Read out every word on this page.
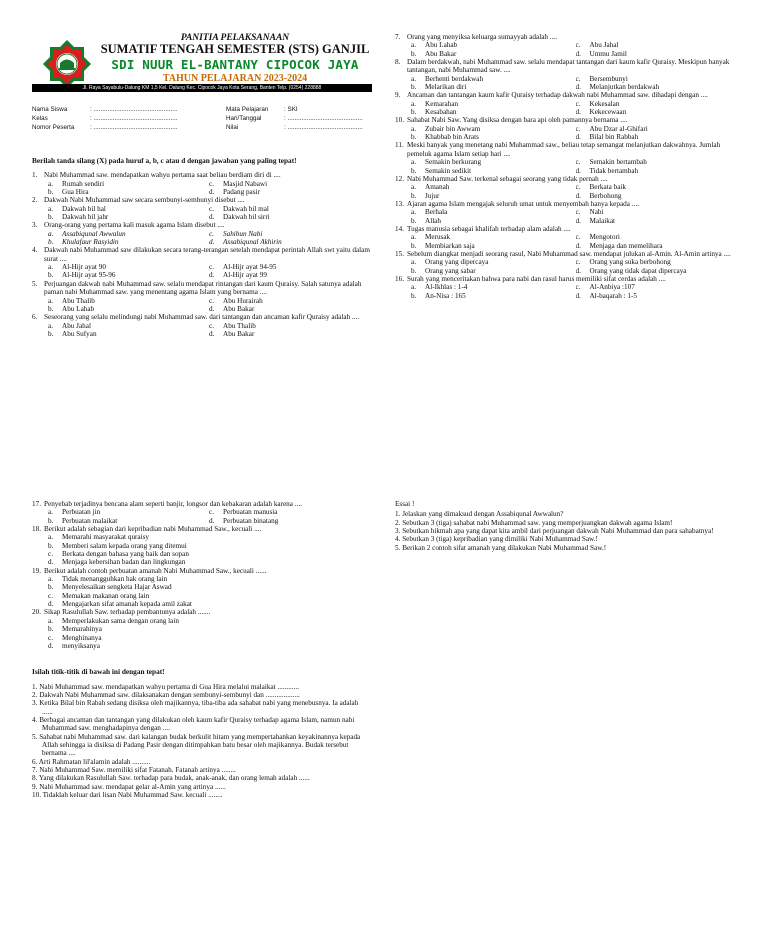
PANITIA PELAKSANAAN
SUMATIF TENGAH SEMESTER (STS) GANJIL
SDI NUUR EL-BANTANY CIPOCOK JAYA
TAHUN PELAJARAN 2023-2024
Jl. Raya Sayabulu-Dalung KM 1,5 Kel. Dalung Kec. Cipocok Jaya Kota Serang, Banten Telp. (0254) 228888
Nama Siswa	: ................................................
Kelas	: ................................................
Nomor Peserta : ................................................
Mata Pelajaran : SKI
Hari/Tanggal	: ...........................................
Nilai	: ...........................................
Berilah tanda silang (X) pada huruf a, b, c atau d dengan jawaban yang paling tepat!
1. Nabi Muhammad saw. mendapatkan wahyu pertama saat beliau berdiam diri di ....
a. Rumah sendiri	c. Masjid Nabawi
b. Gua Hira	d. Padang pasir
2. Dakwah Nabi Muhammad saw secara sembunyi-sembunyi disebut ....
a. Dakwah bil hal	c. Dakwah bil mal
b. Dakwah bil jahr	d. Dakwah bil sirri
3. Orang-orang yang pertama kali masuk agama Islam disebut ....
a. Assabiqunal Awwalun	c. Sahibun Nabi
b. Khulafaur Rasyidin	d. Assabiqunal Akhirin
4. Dakwah nabi Muhammad saw dilakukan secara terang-terangan setelah mendapat perintah Allah swt yaitu dalam surat ....
a. Al-Hijr ayat 90	c. Al-Hijr ayat 94-95
b. Al-Hijr ayat 95-96	d. Al-Hijr ayat 99
5. Perjuangan dakwah nabi Muhammad saw. selalu mendapat rintangan dari kaum Quraisy. Salah satunya adalah paman nabi Muhammad saw. yang menentang agama Islam yang bernama ....
a. Abu Thalib	c. Abu Hurairah
b. Abu Lahab	d. Abu Bakar
6. Seseorang yang selalu melindungi nabi Muhammad saw. dari tantangan dan ancaman kafir Quraisy adalah ....
a. Abu Jahal	c. Abu Thalib
b. Abu Sufyan	d. Abu Bakar
7. Orang yang menyiksa keluarga sumayyah adalah ....
a. Abu Lahab	c. Abu Jahal
b. Abu Bakar	d. Ummu Jamil
8. Dalam berdakwah, nabi Muhammad saw. selalu mendapat tantangan dari kaum kafir Quraisy. Meskipun banyak tantangan, nabi Muhammad saw. ....
a. Berhenti berdakwah	c. Bersembunyi
b. Melarikan diri	d. Melanjutkan berdakwah
9. Ancaman dan tantangan kaum kafir Quraisy terhadap dakwah nabi Muhammad saw. dihadapi dengan ....
a. Kemarahan	c. Kekesalan
b. Kesabahan	d. Kekecewaan
10. Sahabat Nabi Saw. Yang disiksa dengan bara api oleh pamannya bernama ....
a. Zubair bin Awwam	c. Abu Dzar al-Ghifari
b. Khabbab bin Arats	d. Bilal bin Rabbah
11. Meski banyak yang menetang nabi Muhammad saw., beliau tetap semangat melanjutkan dakwahnya. Jumlah pemeluk agama Islam setiap hari ....
a. Semakin berkurang	c. Semakin bertambah
b. Semakin sedikit	d. Tidak bertambah
12. Nabi Muhammad Saw. terkenal sebagai seorang yang tidak pernah ....
a. Amanah	c. Berkata baik
b. Jujur	d. Berbohong
13. Ajaran agama Islam mengajak seluruh umat untuk menyembah hanya kepada ....
a. Berhala	c. Nabi
b. Allah	d. Malaikat
14. Tugas manusia sebagai khalifah terhadap alam adalah ....
a. Merusak	c. Mengotori
b. Membiarkan saja	d. Menjaga dan memelihara
15. Sebelum diangkat menjadi seorang rasul, Nabi Muhammad saw. mendapat julukan al-Amin. Al-Amin artinya ....
a. Orang yang dipercaya	c. Orang yang suka berbohong
b. Orang yang sabar	d. Orang yang tidak dapat dipercaya
16. Surah yang menceritakan bahwa para nabi dan rasul harus memiliki sifat cerdas adalah ....
a. Al-Ikhlas : 1-4	c. Al-Anbiya :107
b. An-Nisa : 165	d. Al-baqarah : 1-5
17. Penyebab terjadinya bencana alam seperti banjir, longsor dan kebakaran adalah karena ....
a. Perbuatan jin	c. Perbuatan manusia
b. Perbuatan malaikat	d. Perbuatan binatang
18. Berikut adalah sebagian dari kepribadian nabi Muhammad Saw., kecuali ....
a. Memarahi masyarakat quraisy
b. Memberi salam kepada orang yang ditemui
c. Berkata dengan bahasa yang baik dan sopan
d. Menjaga kebersihan badan dan lingkungan
19. Berikut adalah contoh perbuatan amanah Nabi Muhammad Saw., kecuali ......
a. Tidak menangguhkan hak orang lain
b. Menyelesaikan sengketa Hajar Aswad
c. Memakan makanan orang lain
d. Mengajarkan sifat amanah kepada amil zakat
20. Sikap Rasulullah Saw. terhadap pembantunya adalah .......
a. Memperlakukan sama dengan orang lain
b. Memarahinya
c. Menghinanya
d. menyiksanya
Isilah titik-titik di bawah ini dengan tepat!
1. Nabi Muhammad saw. mendapatkan wahyu pertama di Gua Hira melalui malaikat ............
2. Dakwah Nabi Muhammad saw. dilaksanakan dengan sembunyi-sembunyi dan ...................
3. Ketika Bilal bin Rabah sedang disiksa oleh majikannya, tiba-tiba ada sahabat nabi yang menebusnya. Ia adalah ......
4. Berbagai ancaman dan tantangan yang dilakukan oleh kaum kafir Quraisy terhadap agama Islam, namun nabi Muhammad saw. menghadapinya dengan ....
5. Sahabat nabi Muhammad saw. dari kalangan budak berkulit hitam yang mempertahankan keyakinannya kepada Allah sehingga ia disiksa di Padang Pasir dengan ditimpahkan batu besar oleh majikannya. Budak tersebut bernama ....
6. Arti Rahmatan lil'alamin adalah ..........
7. Nabi Muhammad Saw. memiliki sifat Fatanah. Fatanah artinya ........
8. Yang dilakukan Rasulullah Saw. terhadap para budak, anak-anak, dan orang lemah adalah ......
9. Nabi Muhammad saw. mendapat gelar al-Amin yang artinya ......
10. Tidaklah keluar dari lisan Nabi Muhammad Saw. kecuali ........
Essai !
1. Jelaskan yang dimaksud dengan Assabiqunal Awwalun?
2. Sebutkan 3 (tiga) sahabat nabi Muhammad saw. yang memperjuangkan dakwah agama Islam!
3. Sebutkan hikmah apa yang dapat kita ambil dari perjuangan dakwah Nabi Muhammad dan para sahabatnya!
4. Sebutkan 3 (tiga) kepribadian yang dimiliki Nabi Muhammad Saw.!
5. Berikan 2 contoh sifat amanah yang dilakukan Nabi Muhammad Saw.!
